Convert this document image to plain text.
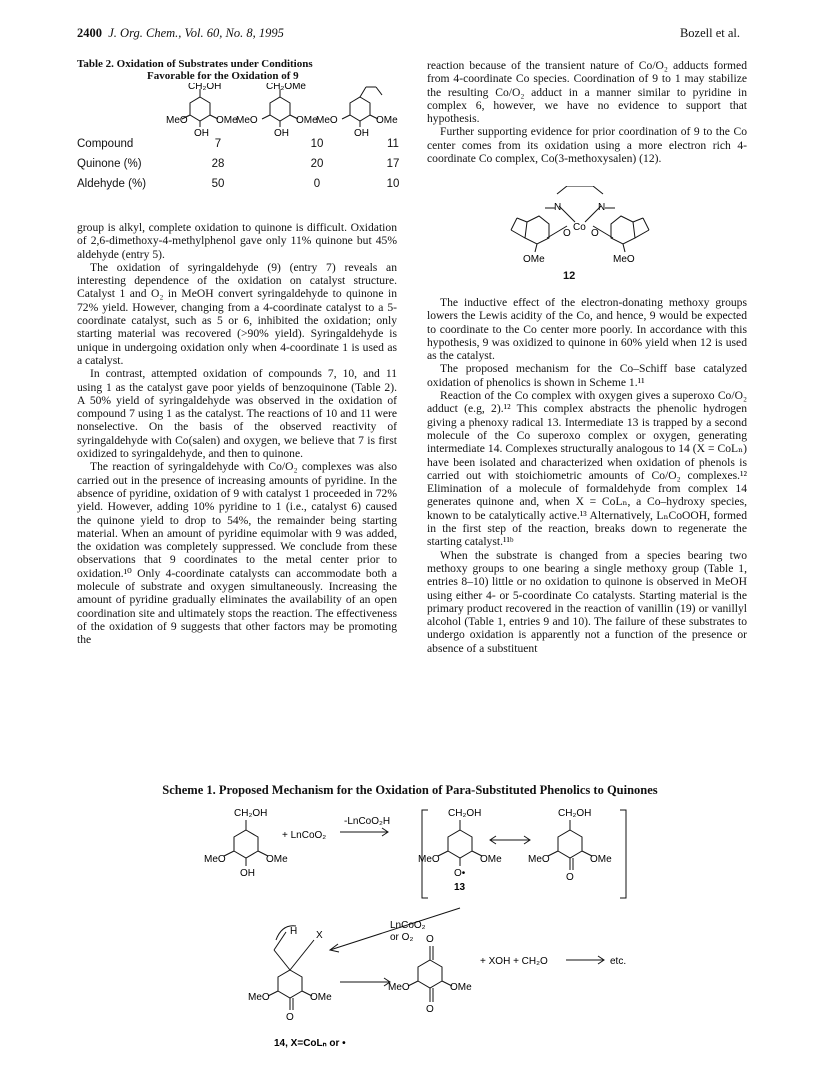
2400 J. Org. Chem., Vol. 60, No. 8, 1995	Bozell et al.
Table 2. Oxidation of Substrates under Conditions
Favorable for the Oxidation of 9
CH₂OH
MeO	OMe
OH
CH₂OMe
MeO	OMe
OH
MeO	OMe
OH
Compound	7	10	11
Quinone (%)	28	20	17
Aldehyde (%)	50	0	10

group is alkyl, complete oxidation to quinone is difficult. Oxidation of 2,6-dimethoxy-4-methylphenol gave only 11% quinone but 45% aldehyde (entry 5).

The oxidation of syringaldehyde (9) (entry 7) reveals an interesting dependence of the oxidation on catalyst structure. Catalyst 1 and O₂ in MeOH convert syringaldehyde to quinone in 72% yield. However, changing from a 4-coordinate catalyst to a 5-coordinate catalyst, such as 5 or 6, inhibited the oxidation; only starting material was recovered (>90% yield). Syringaldehyde is unique in undergoing oxidation only when 4-coordinate 1 is used as a catalyst.

In contrast, attempted oxidation of compounds 7, 10, and 11 using 1 as the catalyst gave poor yields of benzoquinone (Table 2). A 50% yield of syringaldehyde was observed in the oxidation of compound 7 using 1 as the catalyst. The reactions of 10 and 11 were nonselective. On the basis of the observed reactivity of syringaldehyde with Co(salen) and oxygen, we believe that 7 is first oxidized to syringaldehyde, and then to quinone.

The reaction of syringaldehyde with Co/O₂ complexes was also carried out in the presence of increasing amounts of pyridine. In the absence of pyridine, oxidation of 9 with catalyst 1 proceeded in 72% yield. However, adding 10% pyridine to 1 (i.e., catalyst 6) caused the quinone yield to drop to 54%, the remainder being starting material. When an amount of pyridine equimolar with 9 was added, the oxidation was completely suppressed. We conclude from these observations that 9 coordinates to the metal center prior to oxidation.¹⁰ Only 4-coordinate catalysts can accommodate both a molecule of substrate and oxygen simultaneously. Increasing the amount of pyridine gradually eliminates the availability of an open coordination site and ultimately stops the reaction. The effectiveness of the oxidation of 9 suggests that other factors may be promoting the

reaction because of the transient nature of Co/O₂ adducts formed from 4-coordinate Co species. Coordination of 9 to 1 may stabilize the resulting Co/O₂ adduct in a manner similar to pyridine in complex 6, however, we have no evidence to support that hypothesis.

Further supporting evidence for prior coordination of 9 to the Co center comes from its oxidation using a more electron rich 4-coordinate Co complex, Co(3-methoxysalen) (12).

N	N
Co
O O
OMe	MeO
12

The inductive effect of the electron-donating methoxy groups lowers the Lewis acidity of the Co, and hence, 9 would be expected to coordinate to the Co center more poorly. In accordance with this hypothesis, 9 was oxidized to quinone in 60% yield when 12 is used as the catalyst.

The proposed mechanism for the Co–Schiff base catalyzed oxidation of phenolics is shown in Scheme 1.¹¹

Reaction of the Co complex with oxygen gives a superoxo Co/O₂ adduct (e.g, 2).¹² This complex abstracts the phenolic hydrogen giving a phenoxy radical 13. Intermediate 13 is trapped by a second molecule of the Co superoxo complex or oxygen, generating intermediate 14. Complexes structurally analogous to 14 (X = CoLₙ) have been isolated and characterized when oxidation of phenols is carried out with stoichiometric amounts of Co/O₂ complexes.¹² Elimination of a molecule of formaldehyde from complex 14 generates quinone and, when X = CoLₙ, a Co–hydroxy species, known to be catalytically active.¹³ Alternatively, LₙCoOOH, formed in the first step of the reaction, breaks down to regenerate the starting catalyst.¹¹ᵇ

When the substrate is changed from a species bearing two methoxy groups to one bearing a single methoxy group (Table 1, entries 8–10) little or no oxidation to quinone is observed in MeOH using either 4- or 5-coordinate Co catalysts. Starting material is the primary product recovered in the reaction of vanillin (19) or vanillyl alcohol (Table 1, entries 9 and 10). The failure of these substrates to undergo oxidation is apparently not a function of the presence or absence of a substituent

Scheme 1. Proposed Mechanism for the Oxidation of Para-Substituted Phenolics to Quinones
CH₂OH
MeO	OMe
OH
+ LnCoO₂
-LnCoO₂H
CH₂OH
MeO	OMe
O•
13
CH₂OH
MeO	OMe
O
LnCoO₂
or O₂
H X
MeO	OMe
O
O
MeO	OMe
O
+ XOH + CH₂O	etc.
14, X=CoLₙ or •
